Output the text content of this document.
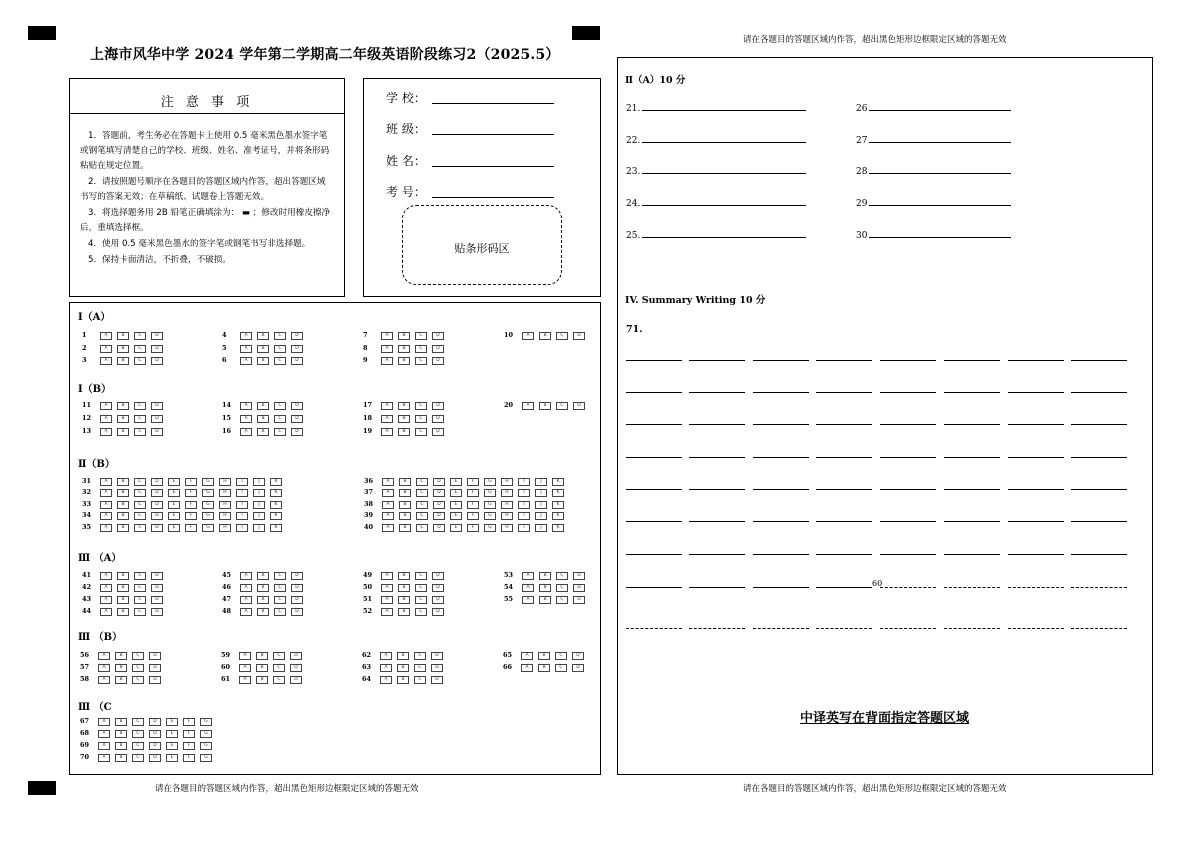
上海市风华中学 2024 学年第二学期高二年级英语阶段练习2（2025.5）
请在各题目的答题区域内作答，超出黑色矩形边框限定区域的答题无效
注 意 事 项
1．答题前，考生务必在答题卡上使用 0.5 毫米黑色墨水签字笔或钢笔填写清楚自己的学校、班级、姓名、准考证号，并将条形码粘贴在规定位置。
2．请按照题号顺序在各题目的答题区域内作答，超出答题区域书写的答案无效；在草稿纸、试题卷上答题无效。
3．将选择题务用 2B 铅笔正确填涂为： ▬ ；修改时用橡皮擦净后，重填选择框。
4．使用 0.5 毫米黑色墨水的签字笔或钢笔书写非选择题。
5．保持卡面清洁，不折叠，不破损。
学 校：
班 级：
姓 名：
考 号：
贴条形码区
Ⅰ（A）
Ⅰ（B）
Ⅱ（B）
Ⅲ （A）
Ⅲ （B）
Ⅲ （C
1	A	B	C	D
2	A	B	C	D
3	A	B	C	D
4	A	B	C	D
5	A	B	C	D
6	A	B	C	D
7	A	B	C	D
8	A	B	C	D
9	A	B	C	D
10	A	B	C	D
11	A	B	C	D
12	A	B	C	D
13	A	B	C	D
14	A	B	C	D
15	A	B	C	D
16	A	B	C	D
17	A	B	C	D
18	A	B	C	D
19	A	B	C	D
20	A	B	C	D
31	A	B	C	D	E	F	G	H	I	J	K
32	A	B	C	D	E	F	G	H	I	J	K
33	A	B	C	D	E	F	G	H	I	J	K
34	A	B	C	D	E	F	G	H	I	J	K
35	A	B	C	D	E	F	G	H	I	J	K
36	A	B	C	D	E	F	G	H	I	J	K
37	A	B	C	D	E	F	G	H	I	J	K
38	A	B	C	D	E	F	G	H	I	J	K
39	A	B	C	D	E	F	G	H	I	J	K
40	A	B	C	D	E	F	G	H	I	J	K
41	A	B	C	D
42	A	B	C	D
43	A	B	C	D
44	A	B	C	D
45	A	B	C	D
46	A	B	C	D
47	A	B	C	D
48	A	B	C	D
49	A	B	C	D
50	A	B	C	D
51	A	B	C	D
52	A	B	C	D
53	A	B	C	D
54	A	B	C	D
55	A	B	C	D
56	A	B	C	D
57	A	B	C	D
58	A	B	C	D
59	A	B	C	D
60	A	B	C	D
61	A	B	C	D
62	A	B	C	D
63	A	B	C	D
64	A	B	C	D
65	A	B	C	D
66	A	B	C	D
67	A	B	C	D	E	F	G
68	A	B	C	D	E	F	G
69	A	B	C	D	E	F	G
70	A	B	C	D	E	F	G
请在各题目的答题区域内作答，超出黑色矩形边框限定区域的答题无效
Ⅱ（A）10 分
21.
22.
23.
24.
25.
26
27
28
29
30
IV. Summary Writing 10 分
71.
60
中译英写在背面指定答题区域
请在各题目的答题区域内作答，超出黑色矩形边框限定区域的答题无效
